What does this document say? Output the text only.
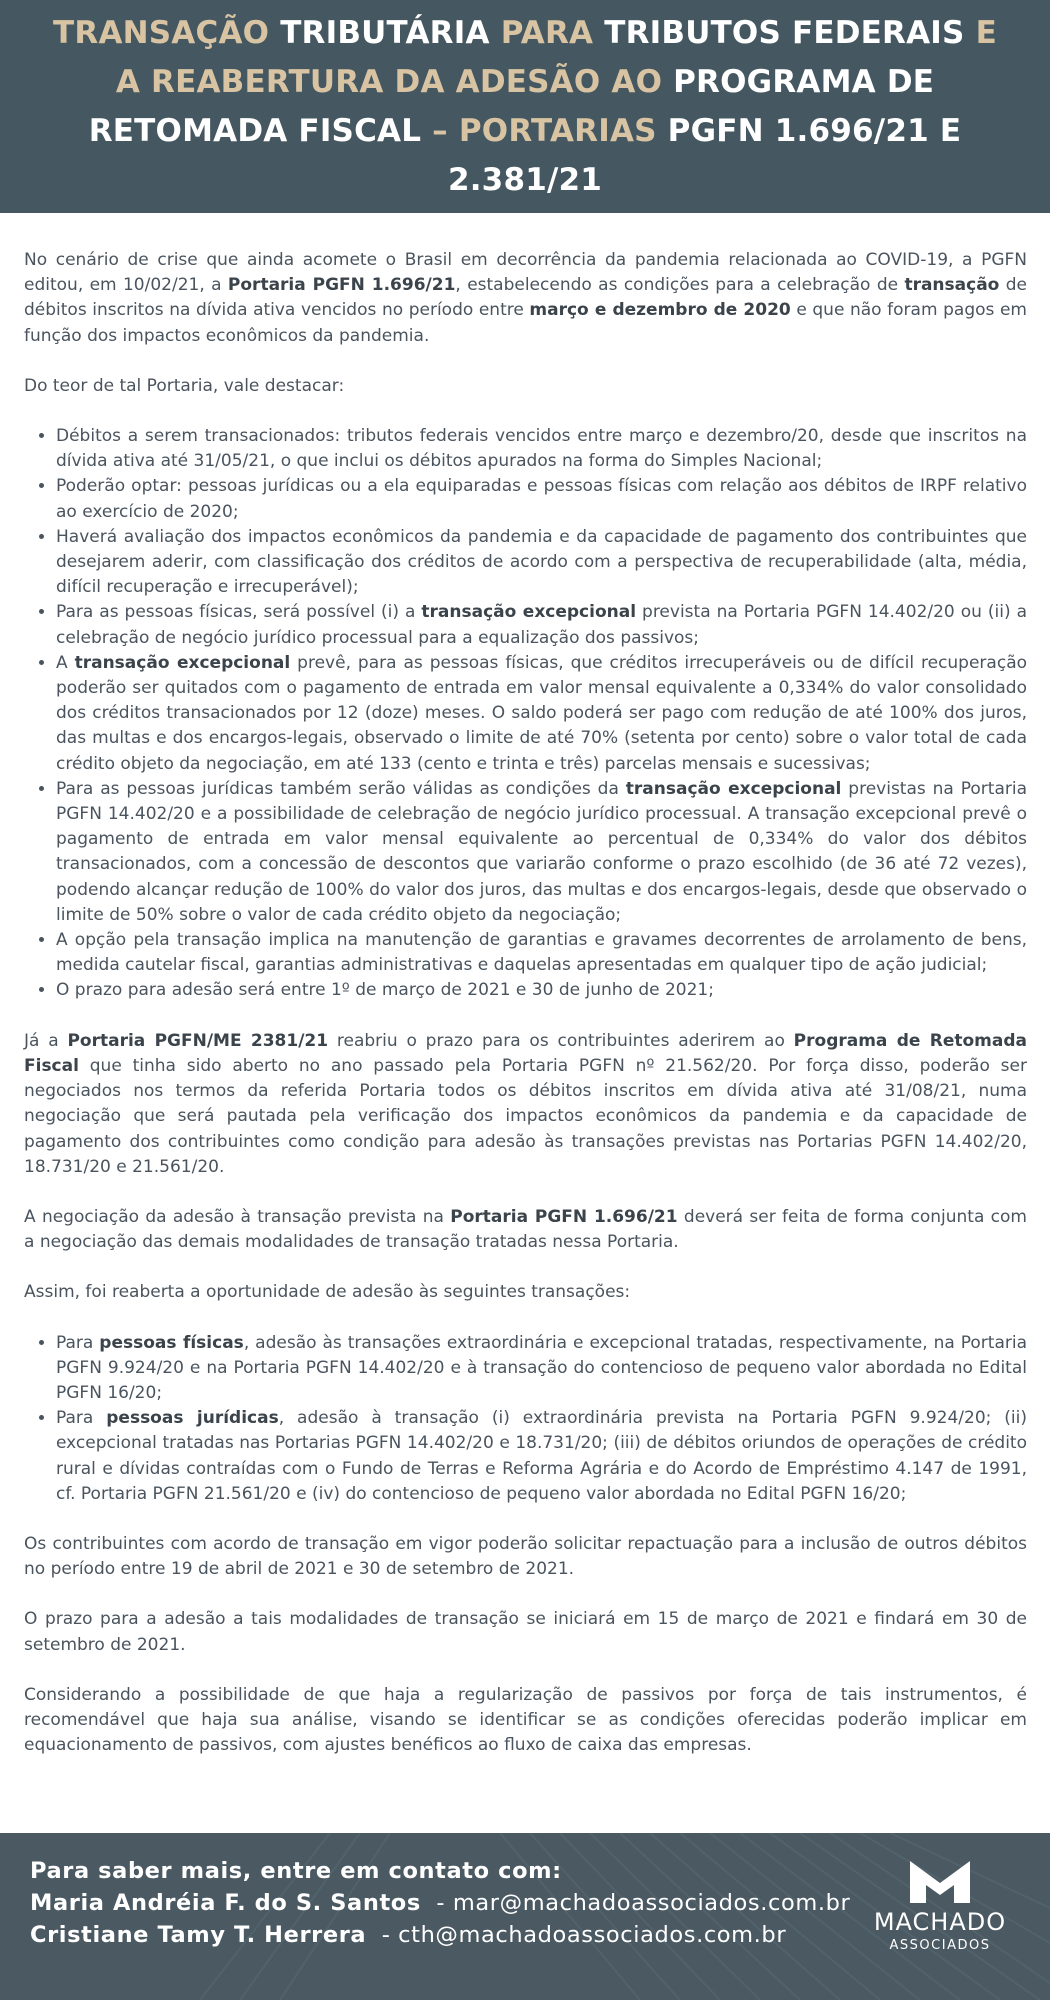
TRANSAÇÃO TRIBUTÁRIA PARA TRIBUTOS FEDERAIS E A REABERTURA DA ADESÃO AO PROGRAMA DE RETOMADA FISCAL – PORTARIAS PGFN 1.696/21 E 2.381/21

No cenário de crise que ainda acomete o Brasil em decorrência da pandemia relacionada ao COVID-19, a PGFN editou, em 10/02/21, a Portaria PGFN 1.696/21, estabelecendo as condições para a celebração de transação de débitos inscritos na dívida ativa vencidos no período entre março e dezembro de 2020 e que não foram pagos em função dos impactos econômicos da pandemia.

Do teor de tal Portaria, vale destacar:

• Débitos a serem transacionados: tributos federais vencidos entre março e dezembro/20, desde que inscritos na dívida ativa até 31/05/21, o que inclui os débitos apurados na forma do Simples Nacional;
• Poderão optar: pessoas jurídicas ou a ela equiparadas e pessoas físicas com relação aos débitos de IRPF relativo ao exercício de 2020;
• Haverá avaliação dos impactos econômicos da pandemia e da capacidade de pagamento dos contribuintes que desejarem aderir, com classificação dos créditos de acordo com a perspectiva de recuperabilidade (alta, média, difícil recuperação e irrecuperável);
• Para as pessoas físicas, será possível (i) a transação excepcional prevista na Portaria PGFN 14.402/20 ou (ii) a celebração de negócio jurídico processual para a equalização dos passivos;
• A transação excepcional prevê, para as pessoas físicas, que créditos irrecuperáveis ou de difícil recuperação poderão ser quitados com o pagamento de entrada em valor mensal equivalente a 0,334% do valor consolidado dos créditos transacionados por 12 (doze) meses. O saldo poderá ser pago com redução de até 100% dos juros, das multas e dos encargos-legais, observado o limite de até 70% (setenta por cento) sobre o valor total de cada crédito objeto da negociação, em até 133 (cento e trinta e três) parcelas mensais e sucessivas;
• Para as pessoas jurídicas também serão válidas as condições da transação excepcional previstas na Portaria PGFN 14.402/20 e a possibilidade de celebração de negócio jurídico processual. A transação excepcional prevê o pagamento de entrada em valor mensal equivalente ao percentual de 0,334% do valor dos débitos transacionados, com a concessão de descontos que variarão conforme o prazo escolhido (de 36 até 72 vezes), podendo alcançar redução de 100% do valor dos juros, das multas e dos encargos-legais, desde que observado o limite de 50% sobre o valor de cada crédito objeto da negociação;
• A opção pela transação implica na manutenção de garantias e gravames decorrentes de arrolamento de bens, medida cautelar fiscal, garantias administrativas e daquelas apresentadas em qualquer tipo de ação judicial;
• O prazo para adesão será entre 1º de março de 2021 e 30 de junho de 2021;

Já a Portaria PGFN/ME 2381/21 reabriu o prazo para os contribuintes aderirem ao Programa de Retomada Fiscal que tinha sido aberto no ano passado pela Portaria PGFN nº 21.562/20. Por força disso, poderão ser negociados nos termos da referida Portaria todos os débitos inscritos em dívida ativa até 31/08/21, numa negociação que será pautada pela verificação dos impactos econômicos da pandemia e da capacidade de pagamento dos contribuintes como condição para adesão às transações previstas nas Portarias PGFN 14.402/20, 18.731/20 e 21.561/20.

A negociação da adesão à transação prevista na Portaria PGFN 1.696/21 deverá ser feita de forma conjunta com a negociação das demais modalidades de transação tratadas nessa Portaria.

Assim, foi reaberta a oportunidade de adesão às seguintes transações:

• Para pessoas físicas, adesão às transações extraordinária e excepcional tratadas, respectivamente, na Portaria PGFN 9.924/20 e na Portaria PGFN 14.402/20 e à transação do contencioso de pequeno valor abordada no Edital PGFN 16/20;
• Para pessoas jurídicas, adesão à transação (i) extraordinária prevista na Portaria PGFN 9.924/20; (ii) excepcional tratadas nas Portarias PGFN 14.402/20 e 18.731/20; (iii) de débitos oriundos de operações de crédito rural e dívidas contraídas com o Fundo de Terras e Reforma Agrária e do Acordo de Empréstimo 4.147 de 1991, cf. Portaria PGFN 21.561/20 e (iv) do contencioso de pequeno valor abordada no Edital PGFN 16/20;

Os contribuintes com acordo de transação em vigor poderão solicitar repactuação para a inclusão de outros débitos no período entre 19 de abril de 2021 e 30 de setembro de 2021.

O prazo para a adesão a tais modalidades de transação se iniciará em 15 de março de 2021 e findará em 30 de setembro de 2021.

Considerando a possibilidade de que haja a regularização de passivos por força de tais instrumentos, é recomendável que haja sua análise, visando se identificar se as condições oferecidas poderão implicar em equacionamento de passivos, com ajustes benéficos ao fluxo de caixa das empresas.

Para saber mais, entre em contato com:
Maria Andréia F. do S. Santos  - mar@machadoassociados.com.br
Cristiane Tamy T. Herrera  - cth@machadoassociados.com.br	MACHADO
ASSOCIADOS
